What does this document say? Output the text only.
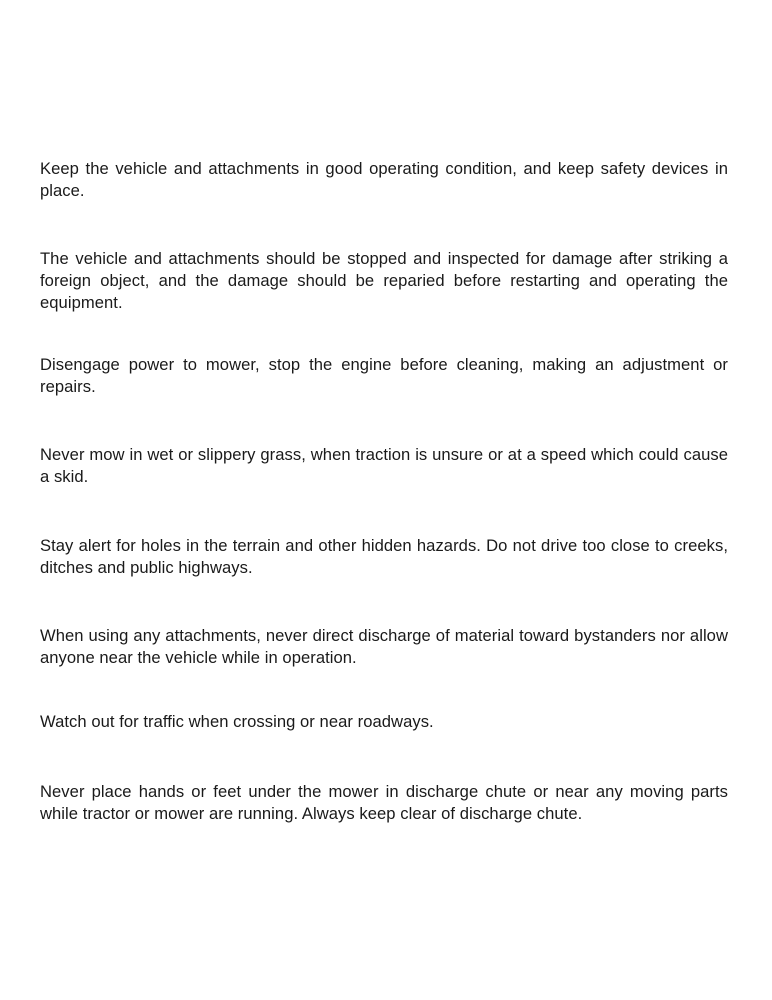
Keep the vehicle and attachments in good operating condition, and keep safety devices in place.

The vehicle and attachments should be stopped and inspected for damage after striking a foreign object, and the damage should be reparied before restarting and operating the equipment.

Disengage power to mower, stop the engine before cleaning, making an adjustment or repairs.

Never mow in wet or slippery grass, when traction is unsure or at a speed which could cause a skid.

Stay alert for holes in the terrain and other hidden hazards. Do not drive too close to creeks, ditches and public highways.

When using any attachments, never direct discharge of material toward bystanders nor allow anyone near the vehicle while in operation.

Watch out for traffic when crossing or near roadways.

Never place hands or feet under the mower in discharge chute or near any moving parts while tractor or mower are running. Always keep clear of discharge chute.
